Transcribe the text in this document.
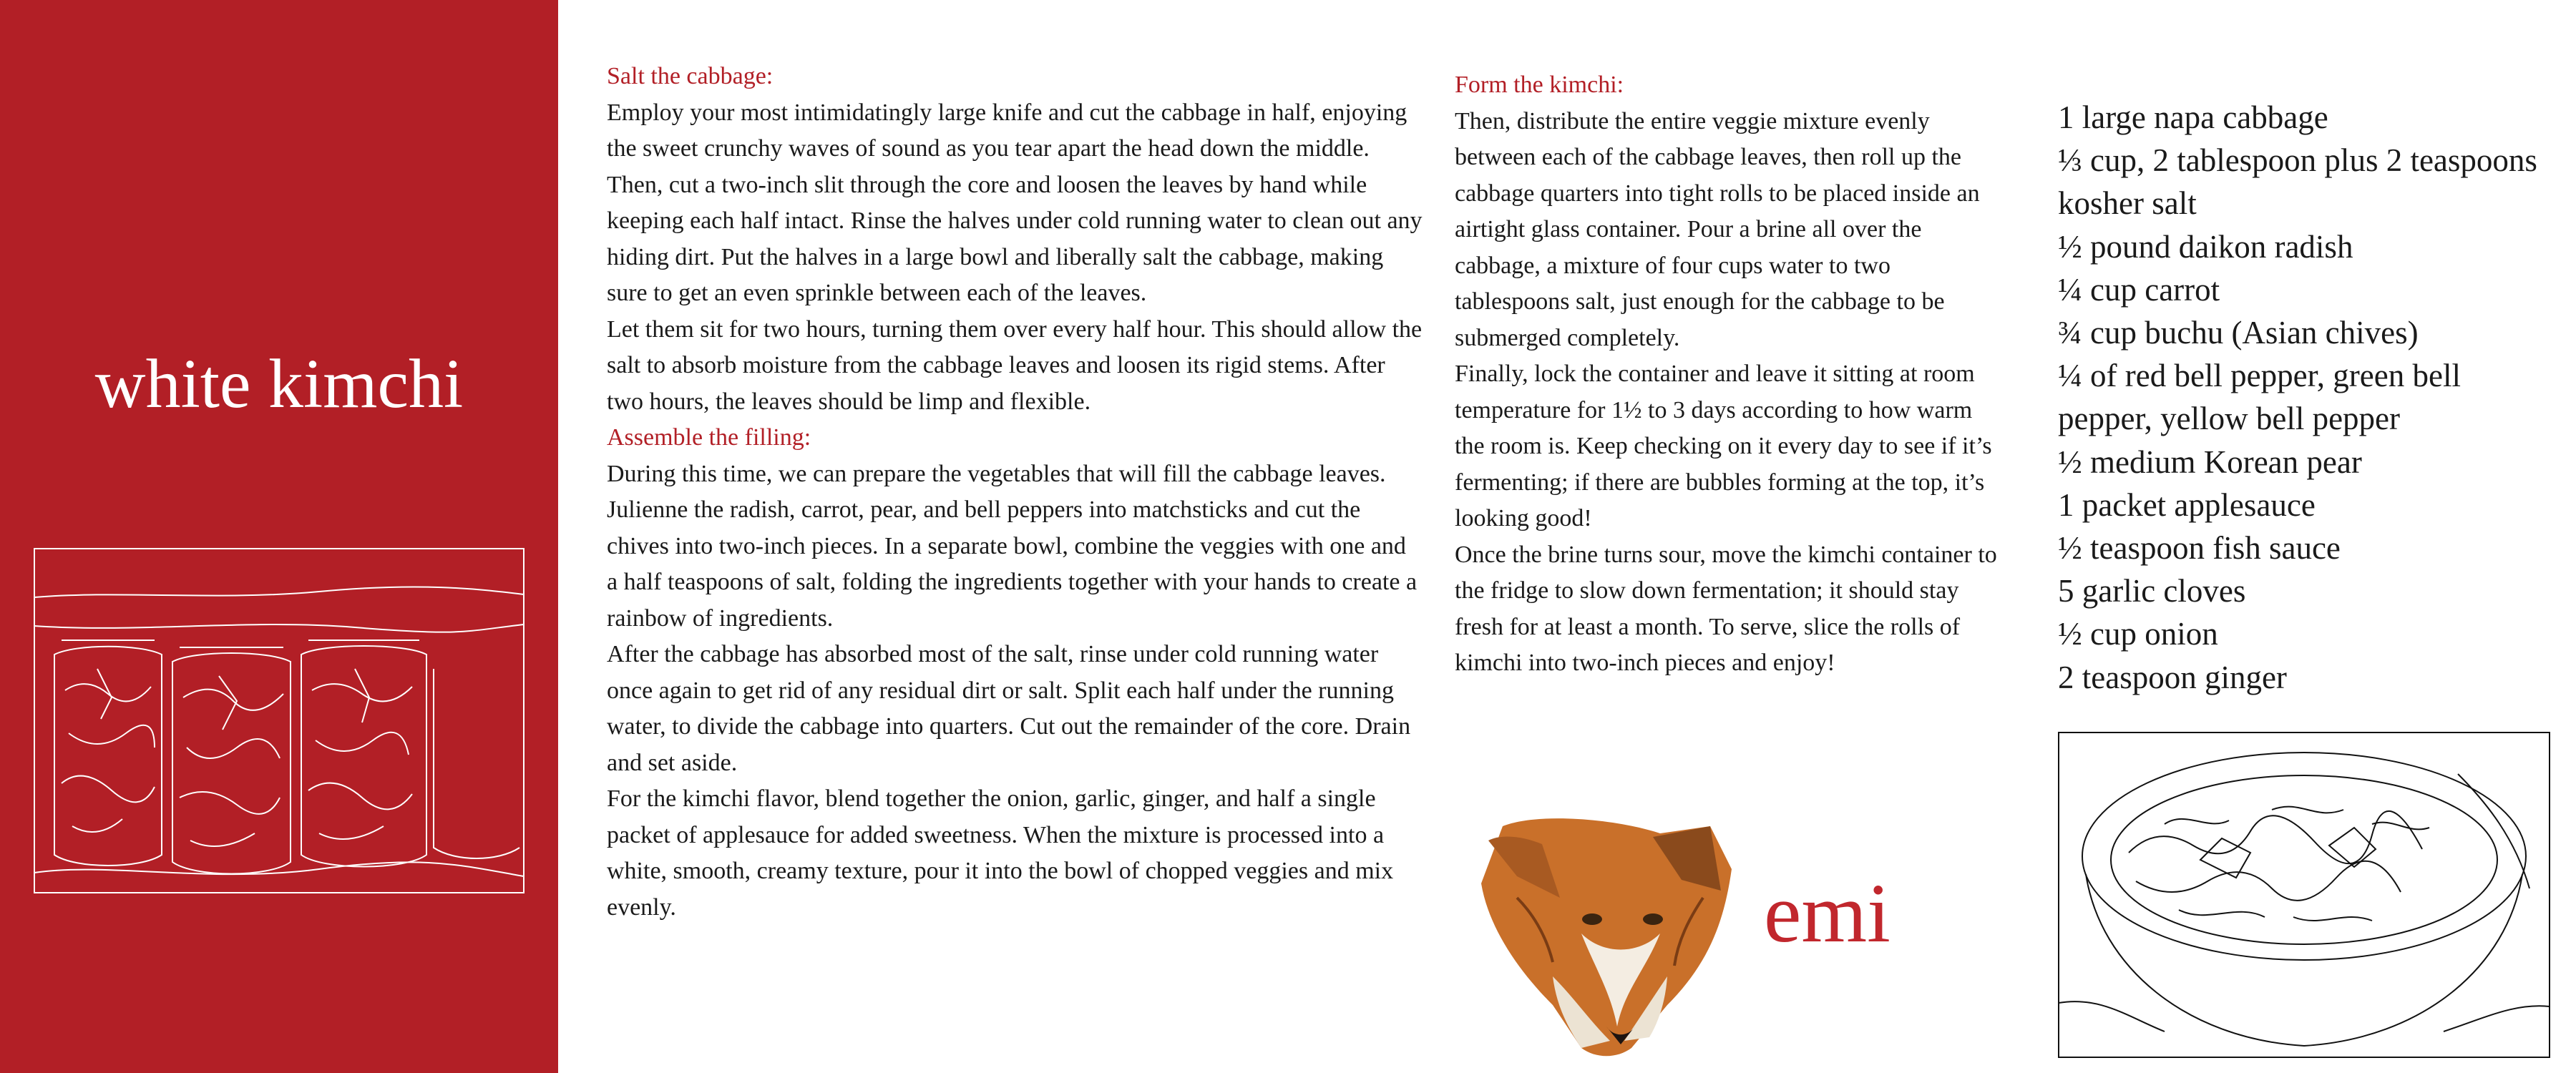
white kimchi
Salt the cabbage:

Employ your most intimidatingly large knife and cut the cabbage in half, enjoying the sweet crunchy waves of sound as you tear apart the head down the middle. Then, cut a two-inch slit through the core and loosen the leaves by hand while keeping each half intact. Rinse the halves under cold running water to clean out any hiding dirt. Put the halves in a large bowl and liberally salt the cabbage, making sure to get an even sprinkle between each of the leaves.

Let them sit for two hours, turning them over every half hour. This should allow the salt to absorb moisture from the cabbage leaves and loosen its rigid stems. After two hours, the leaves should be limp and flexible.

Assemble the filling:

During this time, we can prepare the vegetables that will fill the cabbage leaves. Julienne the radish, carrot, pear, and bell peppers into matchsticks and cut the chives into two-inch pieces. In a separate bowl, combine the veggies with one and a half teaspoons of salt, folding the ingredients together with your hands to create a rainbow of ingredients.

After the cabbage has absorbed most of the salt, rinse under cold running water once again to get rid of any residual dirt or salt. Split each half under the running water, to divide the cabbage into quarters. Cut out the remainder of the core. Drain and set aside.

For the kimchi flavor, blend together the onion, garlic, ginger, and half a single packet of applesauce for added sweetness. When the mixture is processed into a white, smooth, creamy texture, pour it into the bowl of chopped veggies and mix evenly.

Form the kimchi:

Then, distribute the entire veggie mixture evenly between each of the cabbage leaves, then roll up the cabbage quarters into tight rolls to be placed inside an airtight glass container. Pour a brine all over the cabbage, a mixture of four cups water to two tablespoons salt, just enough for the cabbage to be submerged completely.

Finally, lock the container and leave it sitting at room temperature for 1½ to 3 days according to how warm the room is. Keep checking on it every day to see if it’s fermenting; if there are bubbles forming at the top, it’s looking good!

Once the brine turns sour, move the kimchi container to the fridge to slow down fermentation; it should stay fresh for at least a month. To serve, slice the rolls of kimchi into two-inch pieces and enjoy!

emi
1 large napa cabbage
⅓ cup, 2 tablespoon plus 2 teaspoons kosher salt
½ pound daikon radish
¼ cup carrot
¾ cup buchu (Asian chives)
¼ of red bell pepper, green bell pepper, yellow bell pepper
½ medium Korean pear
1 packet applesauce
½ teaspoon fish sauce
5 garlic cloves
½ cup onion
2 teaspoon ginger
